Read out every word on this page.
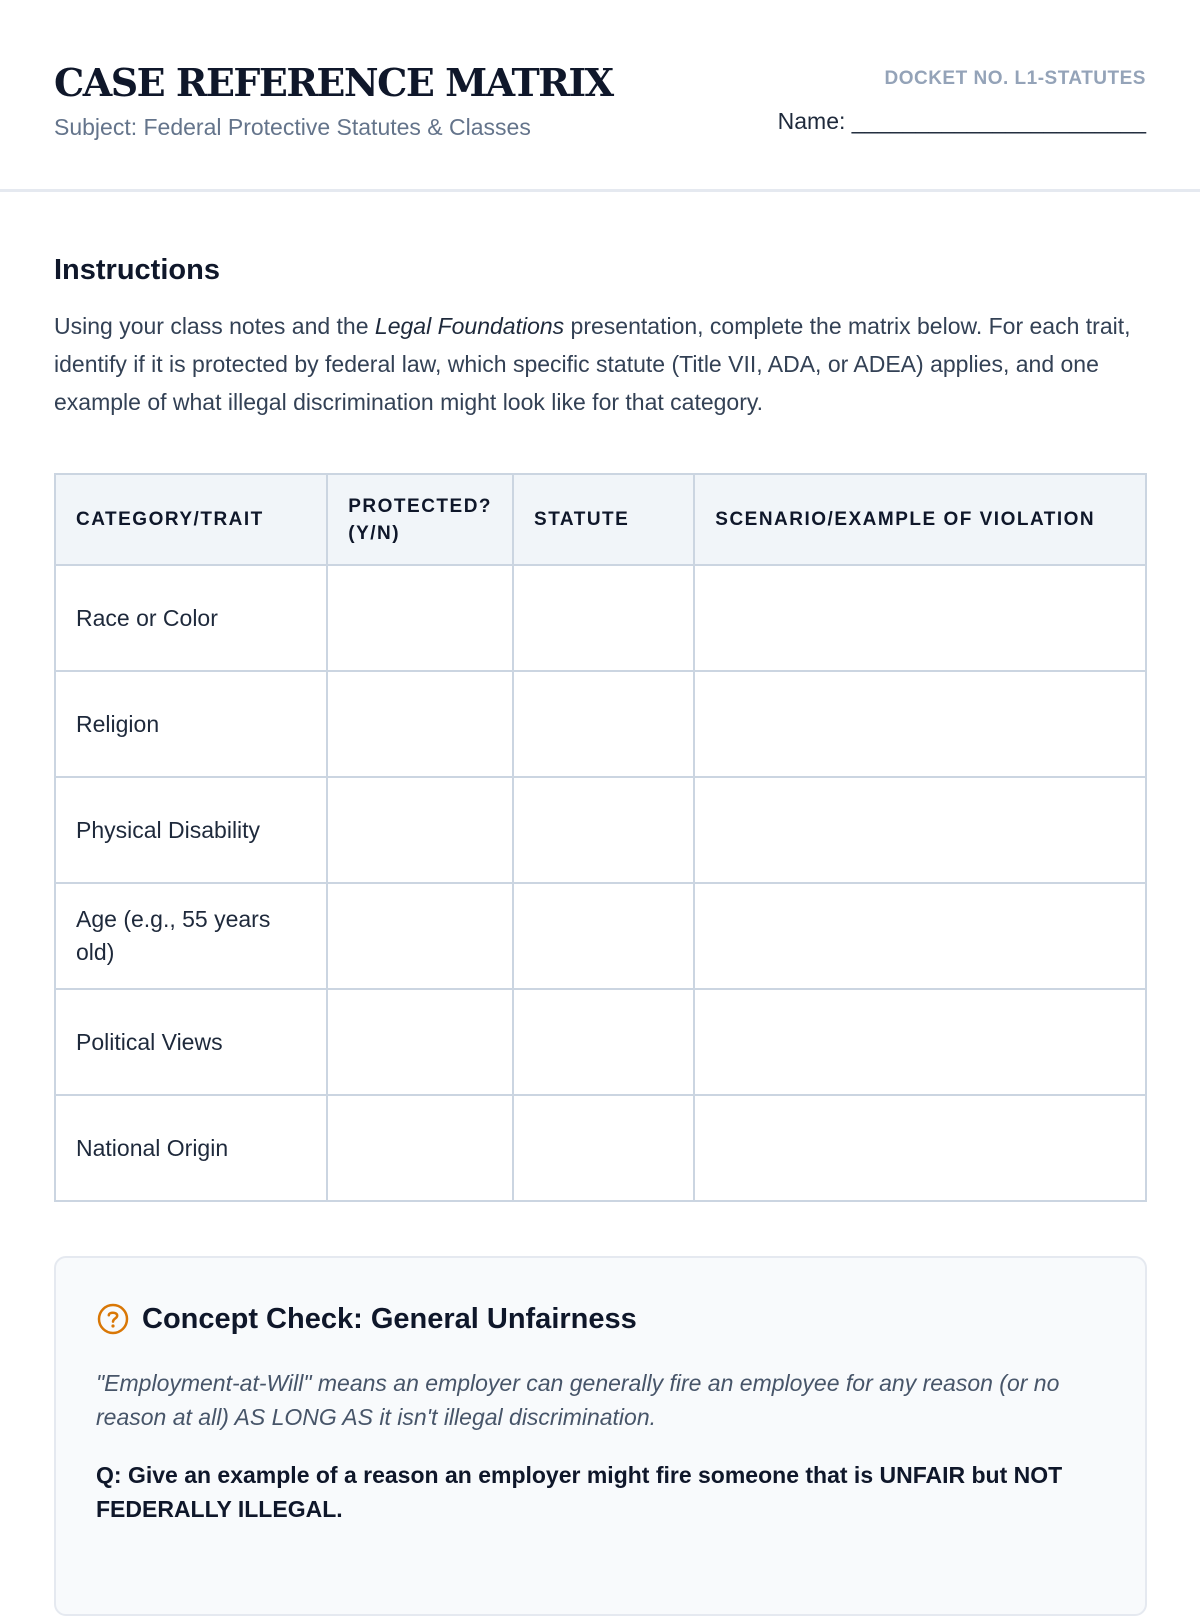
CASE REFERENCE MATRIX
Subject: Federal Protective Statutes & Classes
DOCKET NO. L1-STATUTES
Name: _______________________
Instructions
Using your class notes and the Legal Foundations presentation, complete the matrix below. For each trait, identify if it is protected by federal law, which specific statute (Title VII, ADA, or ADEA) applies, and one example of what illegal discrimination might look like for that category.
CATEGORY/TRAIT	PROTECTED? (Y/N)	STATUTE	SCENARIO/EXAMPLE OF VIOLATION
Race or Color			
Religion			
Physical Disability			
Age (e.g., 55 years old)			
Political Views			
National Origin			
Concept Check: General Unfairness
"Employment-at-Will" means an employer can generally fire an employee for any reason (or no reason at all) AS LONG AS it isn't illegal discrimination.
Q: Give an example of a reason an employer might fire someone that is UNFAIR but NOT FEDERALLY ILLEGAL.
